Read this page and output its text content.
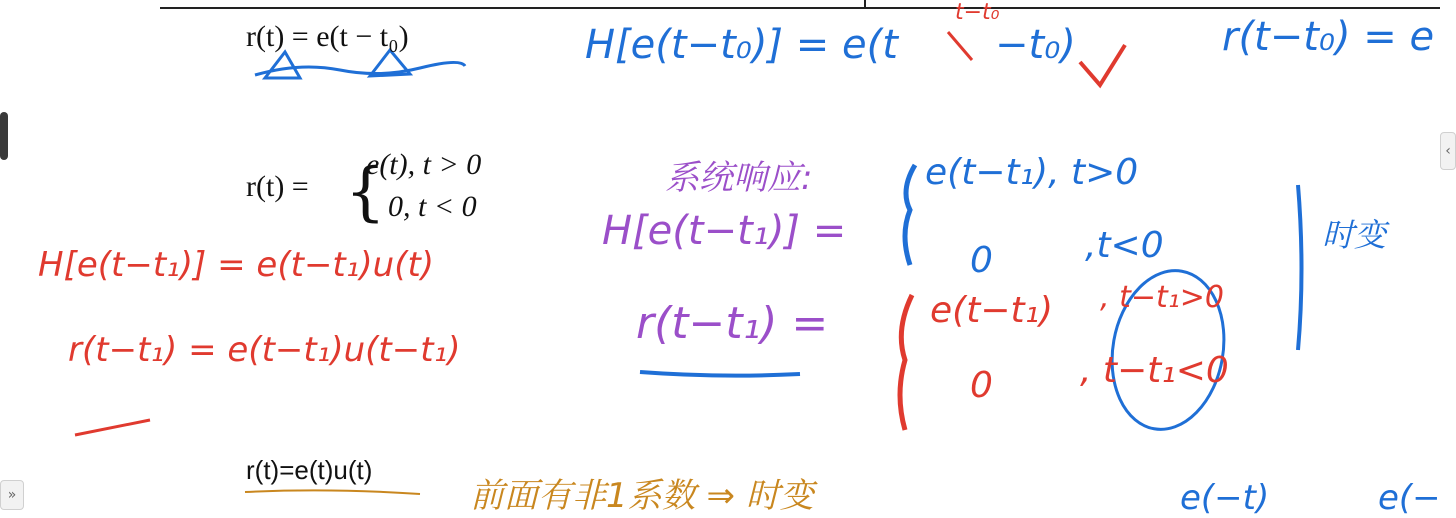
{
r(t) = e(t − t₀)
r(t) =
e(t), t > 0
0, t < 0
r(t)=e(t)u(t)
H[e(t−t₀)] = e(t
t−t₀
−t₀)	r(t−t₀) = e
e(t−t₁), t>0
0	,t<0
e(−t)	e(−
时变
系统响应:
H[e(t−t₁)] =
r(t−t₁) =
H[e(t−t₁)] = e(t−t₁)u(t)
r(t−t₁) = e(t−t₁)u(t−t₁)
e(t−t₁) , t−t₁>0
0 , t−t₁<0
前面有非1系数 ⇒ 时变
‹
»
